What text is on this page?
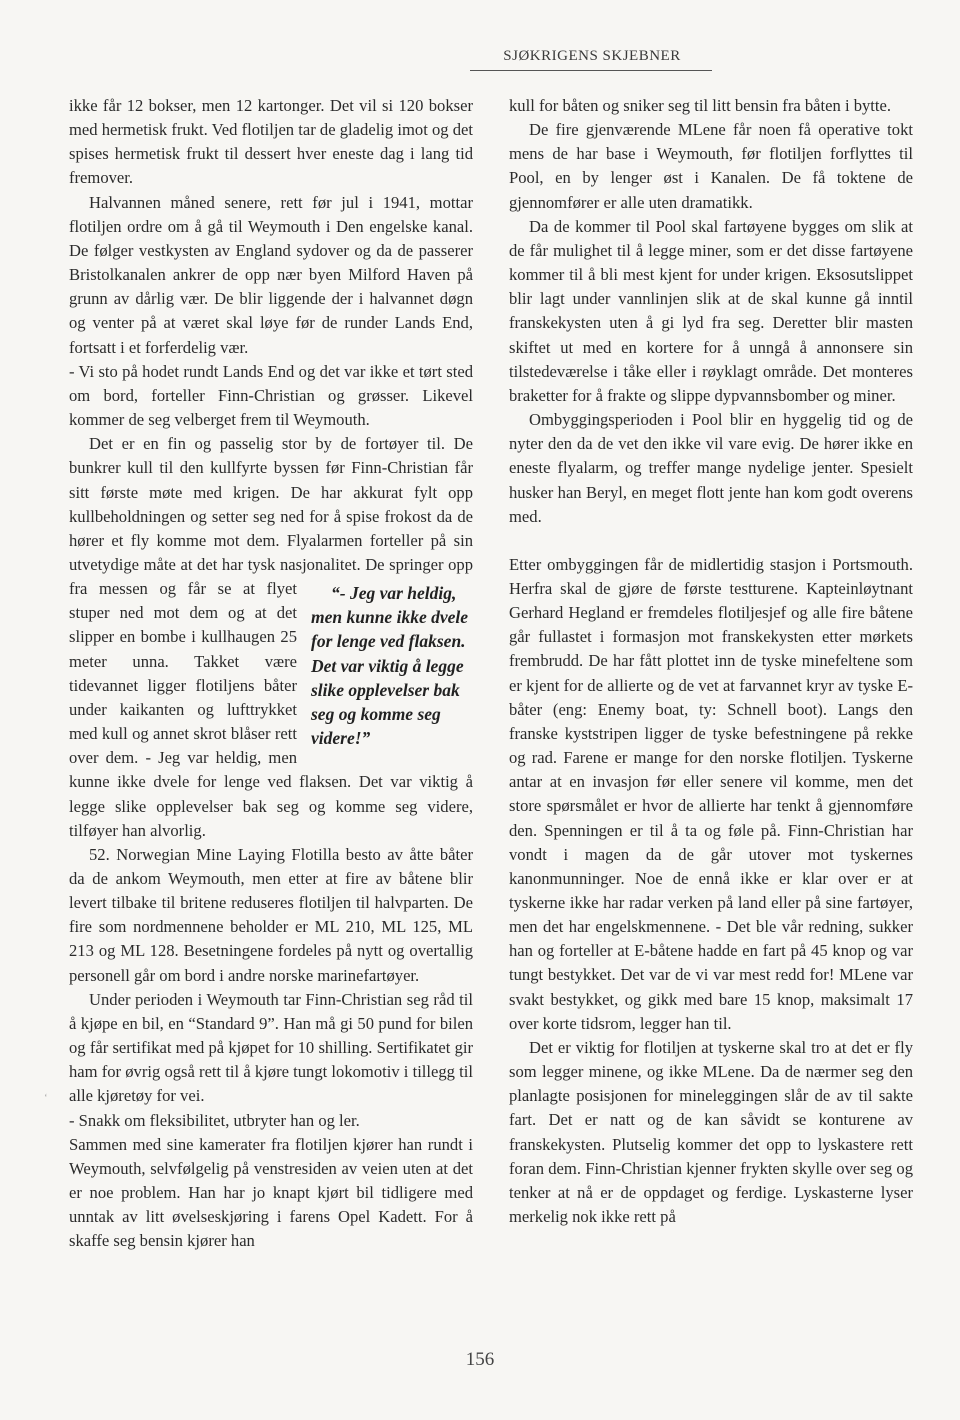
SJØKRIGENS SKJEBNER

ikke får 12 bokser, men 12 kartonger. Det vil si 120 bokser med hermetisk frukt. Ved flotiljen tar de gladelig imot og det spises hermetisk frukt til dessert hver eneste dag i lang tid fremover.

Halvannen måned senere, rett før jul i 1941, mottar flotiljen ordre om å gå til Weymouth i Den engelske kanal. De følger vestkysten av England sydover og da de passerer Bristolkanalen ankrer de opp nær byen Milford Haven på grunn av dårlig vær. De blir liggende der i halvannet døgn og venter på at været skal løye før de runder Lands End, fortsatt i et forferdelig vær.

- Vi sto på hodet rundt Lands End og det var ikke et tørt sted om bord, forteller Finn-Christian og grøsser. Likevel kommer de seg velberget frem til Weymouth.

Det er en fin og passelig stor by de fortøyer til. De bunkrer kull til den kullfyrte byssen før Finn-Christian får sitt første møte med krigen. De har akkurat fylt opp kullbeholdningen og setter seg ned for å spise frokost da de hører et fly komme mot dem. Flyalarmen forteller på sin utvetydige måte at det har tysk nasjonalitet.
“- Jeg var heldig, men kunne ikke dvele for lenge ved flaksen. Det var viktig å legge slike opplevelser bak seg og komme seg videre!”
De springer opp fra messen og får se at flyet stuper ned mot dem og at det slipper en bombe i kullhaugen 25 meter unna. Takket være tidevannet ligger flotiljens båter under kaikanten og lufttrykket med kull og annet skrot blåser rett over dem. - Jeg var heldig, men kunne ikke dvele for lenge ved flaksen. Det var viktig å legge slike opplevelser bak seg og komme seg videre, tilføyer han alvorlig.

52. Norwegian Mine Laying Flotilla besto av åtte båter da de ankom Weymouth, men etter at fire av båtene blir levert tilbake til britene reduseres flotiljen til halvparten. De fire som nordmennene beholder er ML 210, ML 125, ML 213 og ML 128. Besetningene fordeles på nytt og overtallig personell går om bord i andre norske marinefartøyer.

Under perioden i Weymouth tar Finn-Christian seg råd til å kjøpe en bil, en “Standard 9”. Han må gi 50 pund for bilen og får sertifikat med på kjøpet for 10 shilling. Sertifikatet gir ham for øvrig også rett til å kjøre tungt lokomotiv i tillegg til alle kjøretøy for vei.

- Snakk om fleksibilitet, utbryter han og ler.

Sammen med sine kamerater fra flotiljen kjører han rundt i Weymouth, selvfølgelig på venstresiden av veien uten at det er noe problem. Han har jo knapt kjørt bil tidligere med unntak av litt øvelseskjøring i farens Opel Kadett. For å skaffe seg bensin kjører han

kull for båten og sniker seg til litt bensin fra båten i bytte.

De fire gjenværende MLene får noen få operative tokt mens de har base i Weymouth, før flotiljen forflyttes til Pool, en by lenger øst i Kanalen. De få toktene de gjennomfører er alle uten dramatikk.

Da de kommer til Pool skal fartøyene bygges om slik at de får mulighet til å legge miner, som er det disse fartøyene kommer til å bli mest kjent for under krigen. Eksosutslippet blir lagt under vannlinjen slik at de skal kunne gå inntil franskekysten uten å gi lyd fra seg. Deretter blir masten skiftet ut med en kortere for å unngå å annonsere sin tilstedeværelse i tåke eller i røyklagt område. Det monteres braketter for å frakte og slippe dypvannsbomber og miner.

Ombyggingsperioden i Pool blir en hyggelig tid og de nyter den da de vet den ikke vil vare evig. De hører ikke en eneste flyalarm, og treffer mange nydelige jenter. Spesielt husker han Beryl, en meget flott jente han kom godt overens med.

Etter ombyggingen får de midlertidig stasjon i Portsmouth. Herfra skal de gjøre de første testturene. Kapteinløytnant Gerhard Hegland er fremdeles flotiljesjef og alle fire båtene går fullastet i formasjon mot franskekysten etter mørkets frembrudd. De har fått plottet inn de tyske minefeltene som er kjent for de allierte og de vet at farvannet kryr av tyske E-båter (eng: Enemy boat, ty: Schnell boot). Langs den franske kyststripen ligger de tyske befestningene på rekke og rad. Farene er mange for den norske flotiljen. Tyskerne antar at en invasjon før eller senere vil komme, men det store spørsmålet er hvor de allierte har tenkt å gjennomføre den. Spenningen er til å ta og føle på. Finn-Christian har vondt i magen da de går utover mot tyskernes kanonmunninger. Noe de ennå ikke er klar over er at tyskerne ikke har radar verken på land eller på sine fartøyer, men det har engelskmennene. - Det ble vår redning, sukker han og forteller at E-båtene hadde en fart på 45 knop og var tungt bestykket. Det var de vi var mest redd for! MLene var svakt bestykket, og gikk med bare 15 knop, maksimalt 17 over korte tidsrom, legger han til.

Det er viktig for flotiljen at tyskerne skal tro at det er fly som legger minene, og ikke MLene. Da de nærmer seg den planlagte posisjonen for mineleggingen slår de av til sakte fart. Det er natt og de kan såvidt se konturene av franskekysten. Plutselig kommer det opp to lyskastere rett foran dem. Finn-Christian kjenner frykten skylle over seg og tenker at nå er de oppdaget og ferdige. Lyskasterne lyser merkelig nok ikke rett på

ʻ
156
